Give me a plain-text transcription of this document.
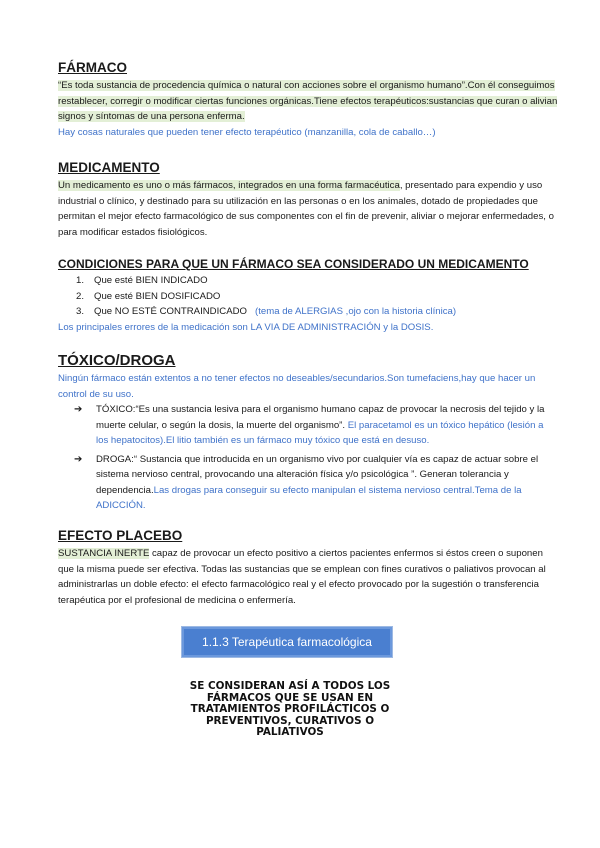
FÁRMACO

“Es toda sustancia de procedencia química o natural con acciones sobre el organismo humano”.Con él conseguimos restablecer, corregir o modificar ciertas funciones orgánicas.Tiene efectos terapéuticos:sustancias que curan o alivian signos y síntomas de una persona enferma.

Hay cosas naturales que pueden tener efecto terapéutico (manzanilla, cola de caballo…)

MEDICAMENTO

Un medicamento es uno o más fármacos, integrados en una forma farmacéutica, presentado para expendio y uso industrial o clínico, y destinado para su utilización en las personas o en los animales, dotado de propiedades que permitan el mejor efecto farmacológico de sus componentes con el fin de prevenir, aliviar o mejorar enfermedades, o para modificar estados fisiológicos.

CONDICIONES PARA QUE UN FÁRMACO SEA CONSIDERADO UN MEDICAMENTO
1. Que esté BIEN INDICADO
2. Que esté BIEN DOSIFICADO
3. Que NO ESTÉ CONTRAINDICADO (tema de ALERGIAS ,ojo con la historia clínica)

Los principales errores de la medicación son LA VIA DE ADMINISTRACIÓN y la DOSIS.

TÓXICO/DROGA

Ningún fármaco están extentos a no tener efectos no deseables/secundarios.Son tumefaciens,hay que hacer un control de su uso.

➔ TÓXICO:“Es una sustancia lesiva para el organismo humano capaz de provocar la necrosis del tejido y la muerte celular, o según la dosis, la muerte del organismo”. El paracetamol es un tóxico hepático (lesión a los hepatocitos).El litio también es un fármaco muy tóxico que está en desuso.
➔ DROGA:“ Sustancia que introducida en un organismo vivo por cualquier vía es capaz de actuar sobre el sistema nervioso central, provocando una alteración física y/o psicológica ”. Generan tolerancia y dependencia.Las drogas para conseguir su efecto manipulan el sistema nervioso central.Tema de la ADICCIÓN.
EFECTO PLACEBO

SUSTANCIA INERTE capaz de provocar un efecto positivo a ciertos pacientes enfermos si éstos creen o suponen que la misma puede ser efectiva. Todas las sustancias que se emplean con fines curativos o paliativos provocan al administrarlas un doble efecto: el efecto farmacológico real y el efecto provocado por la sugestión o transferencia terapéutica por el profesional de medicina o enfermería.

1.1.3 Terapéutica farmacológica

SE CONSIDERAN ASÍ A TODOS LOS FÁRMACOS QUE SE USAN EN TRATAMIENTOS PROFILÁCTICOS O PREVENTIVOS, CURATIVOS O PALIATIVOS
